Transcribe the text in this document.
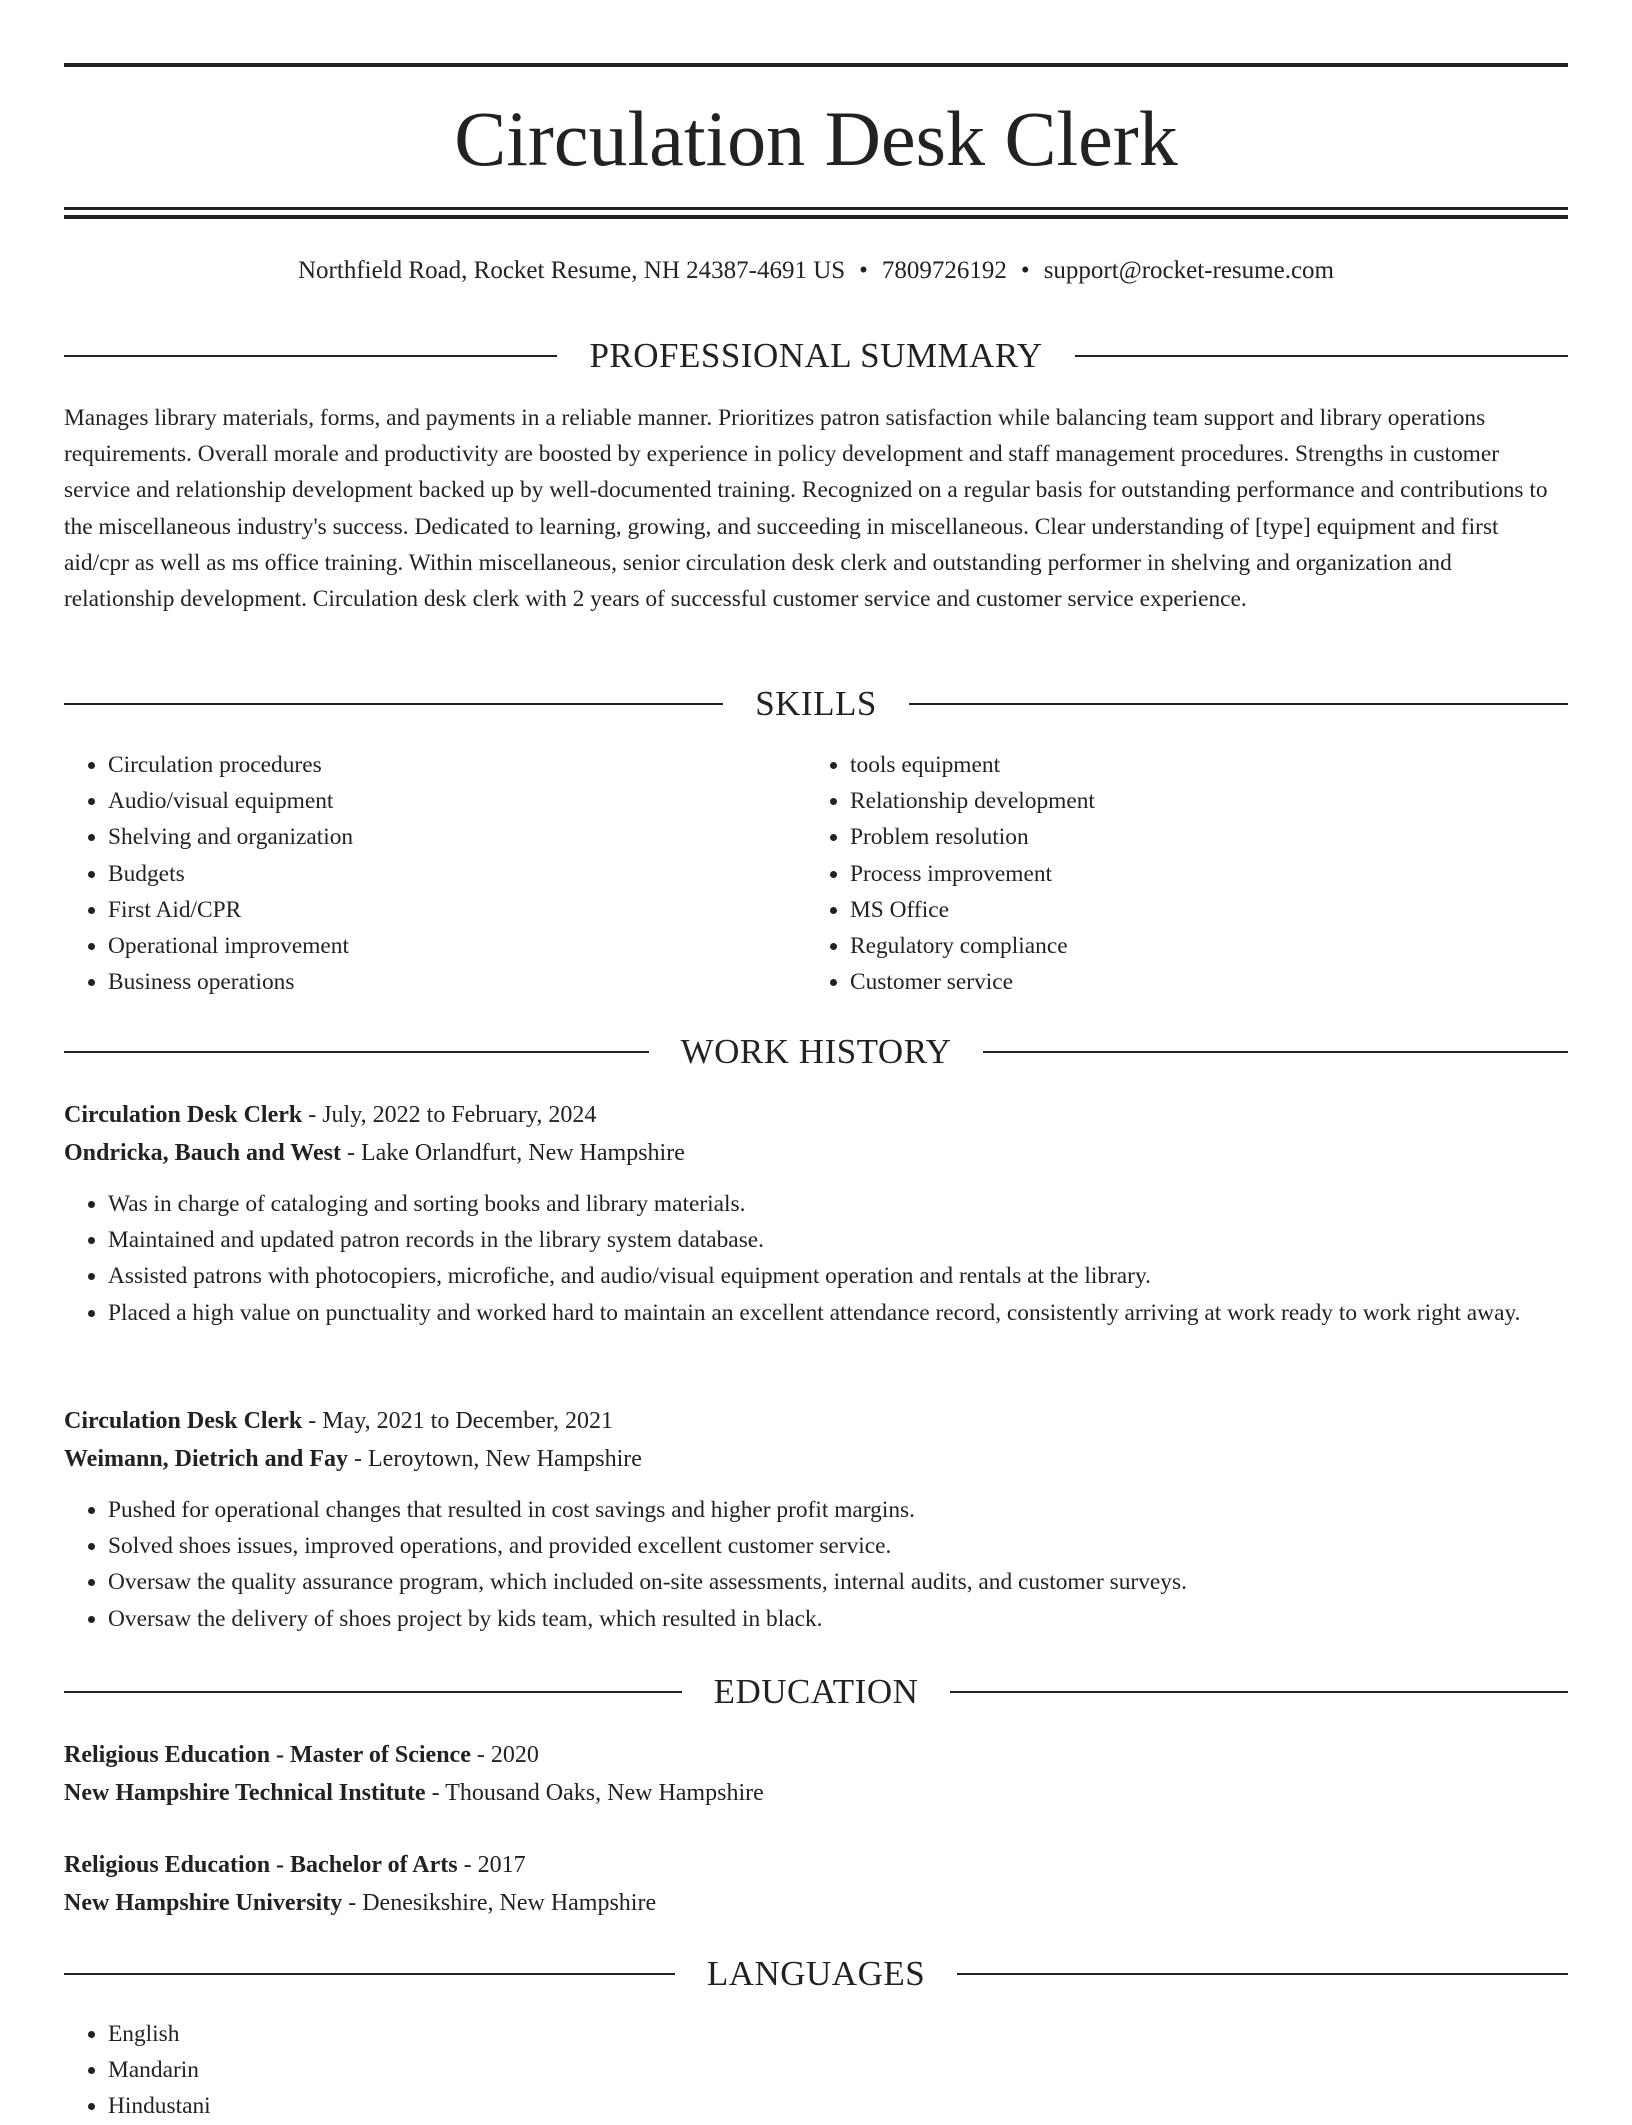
Circulation Desk Clerk
Northfield Road, Rocket Resume, NH 24387-4691 US • 7809726192 • support@rocket-resume.com
PROFESSIONAL SUMMARY

Manages library materials, forms, and payments in a reliable manner. Prioritizes patron satisfaction while balancing team support and library operations requirements. Overall morale and productivity are boosted by experience in policy development and staff management procedures. Strengths in customer service and relationship development backed up by well-documented training. Recognized on a regular basis for outstanding performance and contributions to the miscellaneous industry's success. Dedicated to learning, growing, and succeeding in miscellaneous. Clear understanding of [type] equipment and first aid/cpr as well as ms office training. Within miscellaneous, senior circulation desk clerk and outstanding performer in shelving and organization and relationship development. Circulation desk clerk with 2 years of successful customer service and customer service experience.

SKILLS
• Circulation procedures
• Audio/visual equipment
• Shelving and organization
• Budgets
• First Aid/CPR
• Operational improvement
• Business operations
• tools equipment
• Relationship development
• Problem resolution
• Process improvement
• MS Office
• Regulatory compliance
• Customer service
WORK HISTORY
Circulation Desk Clerk - July, 2022 to February, 2024
Ondricka, Bauch and West - Lake Orlandfurt, New Hampshire
• Was in charge of cataloging and sorting books and library materials.
• Maintained and updated patron records in the library system database.
• Assisted patrons with photocopiers, microfiche, and audio/visual equipment operation and rentals at the library.
• Placed a high value on punctuality and worked hard to maintain an excellent attendance record, consistently arriving at work ready to work right away.
Circulation Desk Clerk - May, 2021 to December, 2021
Weimann, Dietrich and Fay - Leroytown, New Hampshire
• Pushed for operational changes that resulted in cost savings and higher profit margins.
• Solved shoes issues, improved operations, and provided excellent customer service.
• Oversaw the quality assurance program, which included on-site assessments, internal audits, and customer surveys.
• Oversaw the delivery of shoes project by kids team, which resulted in black.
EDUCATION
Religious Education - Master of Science - 2020
New Hampshire Technical Institute - Thousand Oaks, New Hampshire
Religious Education - Bachelor of Arts - 2017
New Hampshire University - Denesikshire, New Hampshire
LANGUAGES
• English
• Mandarin
• Hindustani
